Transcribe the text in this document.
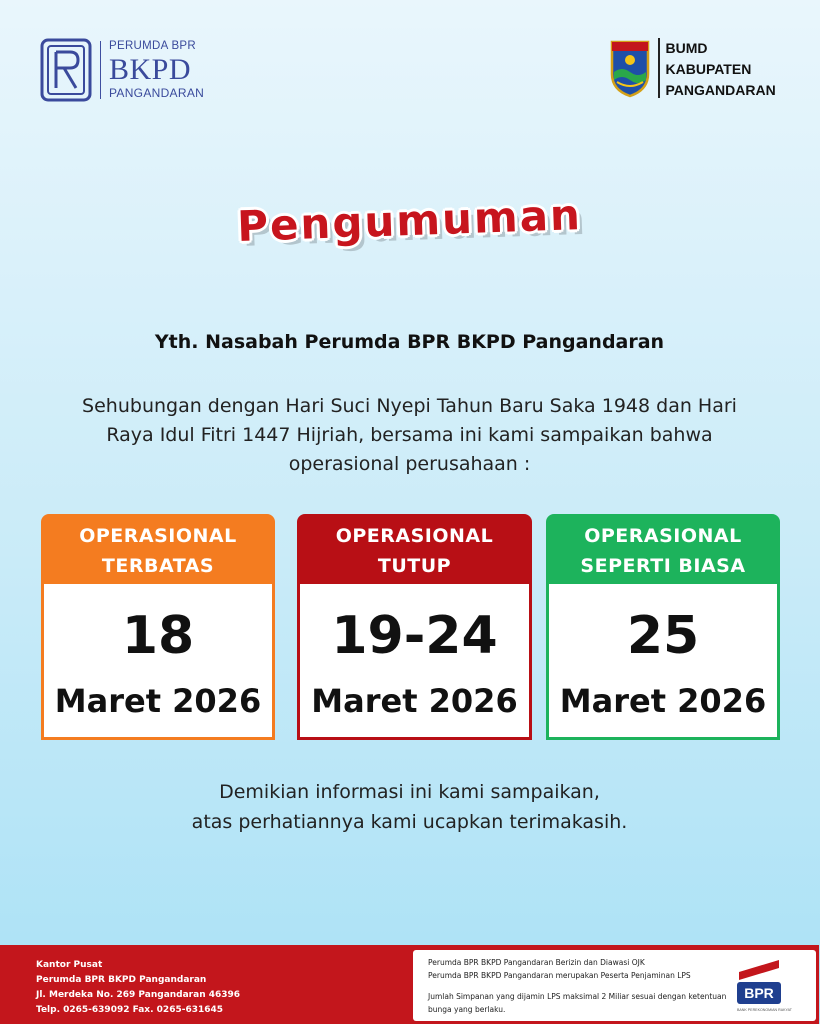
PERUMDA BPR
BKPD
PANGANDARAN
BUMD
KABUPATEN
PANGANDARAN
Pengumuman
Yth. Nasabah Perumda BPR BKPD Pangandaran
Sehubungan dengan Hari Suci Nyepi Tahun Baru Saka 1948 dan Hari Raya Idul Fitri 1447 Hijriah, bersama ini kami sampaikan bahwa operasional perusahaan :
OPERASIONAL
TERBATAS
18
Maret 2026
OPERASIONAL
TUTUP
19-24
Maret 2026
OPERASIONAL
SEPERTI BIASA
25
Maret 2026
Demikian informasi ini kami sampaikan,
atas perhatiannya kami ucapkan terimakasih.
Kantor Pusat
Perumda BPR BKPD Pangandaran
Jl. Merdeka No. 269 Pangandaran 46396
Telp. 0265-639092 Fax. 0265-631645
Perumda BPR BKPD Pangandaran Berizin dan Diawasi OJK
Perumda BPR BKPD Pangandaran merupakan Peserta Penjaminan LPS
Jumlah Simpanan yang dijamin LPS maksimal 2 Miliar sesuai dengan ketentuan bunga yang berlaku.
BPR
BANK PEREKONOMIAN RAKYAT
